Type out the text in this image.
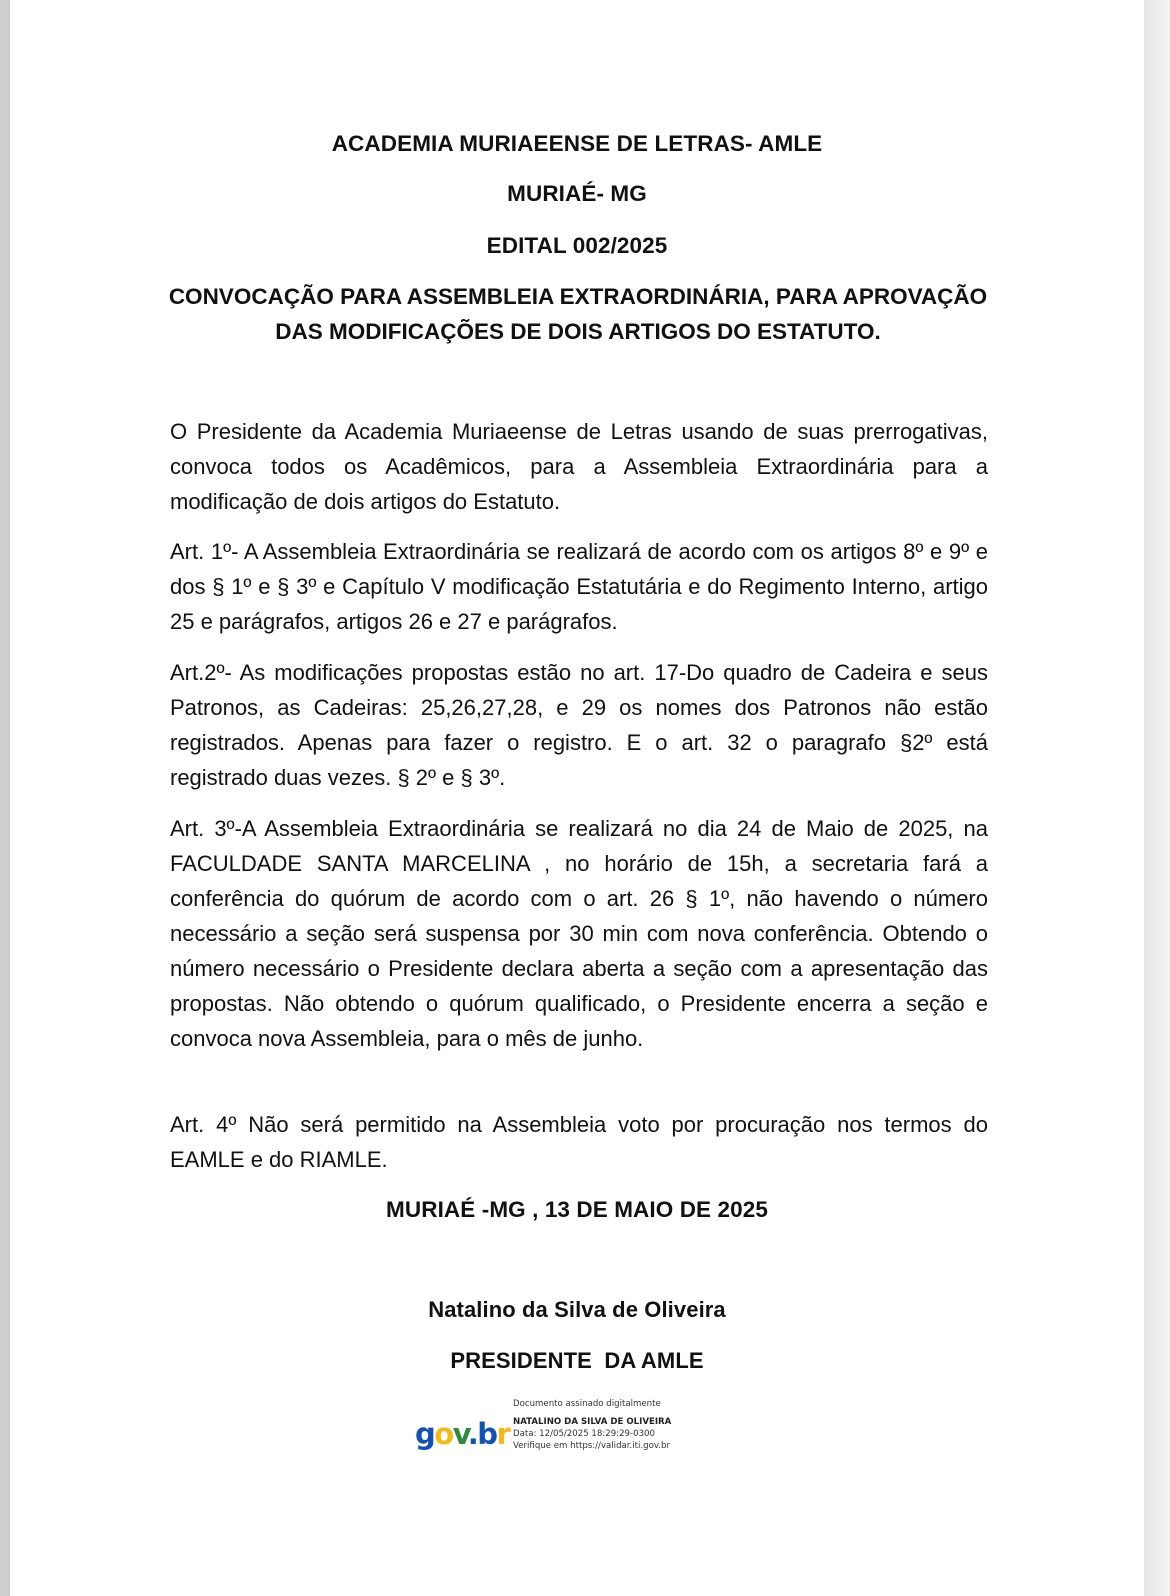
ACADEMIA MURIAEENSE DE LETRAS- AMLE
MURIAÉ- MG
EDITAL 002/2025
CONVOCAÇÃO PARA ASSEMBLEIA EXTRAORDINÁRIA, PARA APROVAÇÃO
DAS MODIFICAÇÕES DE DOIS ARTIGOS DO ESTATUTO.
O Presidente da Academia Muriaeense de Letras usando de suas prerrogativas, convoca todos os Acadêmicos, para a Assembleia Extraordinária para a modificação de dois artigos do Estatuto.
Art. 1º- A Assembleia Extraordinária se realizará de acordo com os artigos 8º e 9º e dos § 1º e § 3º e Capítulo V modificação Estatutária e do Regimento Interno, artigo 25 e parágrafos, artigos 26 e 27 e parágrafos.
Art.2º- As modificações propostas estão no art. 17-Do quadro de Cadeira e seus Patronos, as Cadeiras: 25,26,27,28, e 29 os nomes dos Patronos não estão registrados. Apenas para fazer o registro. E o art. 32 o paragrafo §2º está registrado duas vezes. § 2º e § 3º.
Art. 3º-A Assembleia Extraordinária se realizará no dia 24 de Maio de 2025, na FACULDADE SANTA MARCELINA , no horário de 15h, a secretaria fará a conferência do quórum de acordo com o art. 26 § 1º, não havendo o número necessário a seção será suspensa por 30 min com nova conferência. Obtendo o número necessário o Presidente declara aberta a seção com a apresentação das propostas. Não obtendo o quórum qualificado, o Presidente encerra a seção e convoca nova Assembleia, para o mês de junho.
Art. 4º Não será permitido na Assembleia voto por procuração nos termos do EAMLE e do RIAMLE.
MURIAÉ -MG , 13 DE MAIO DE 2025
Natalino da Silva de Oliveira
PRESIDENTE  DA AMLE
gov.br
Documento assinado digitalmente
NATALINO DA SILVA DE OLIVEIRA
Data: 12/05/2025 18:29:29-0300
Verifique em https://validar.iti.gov.br
